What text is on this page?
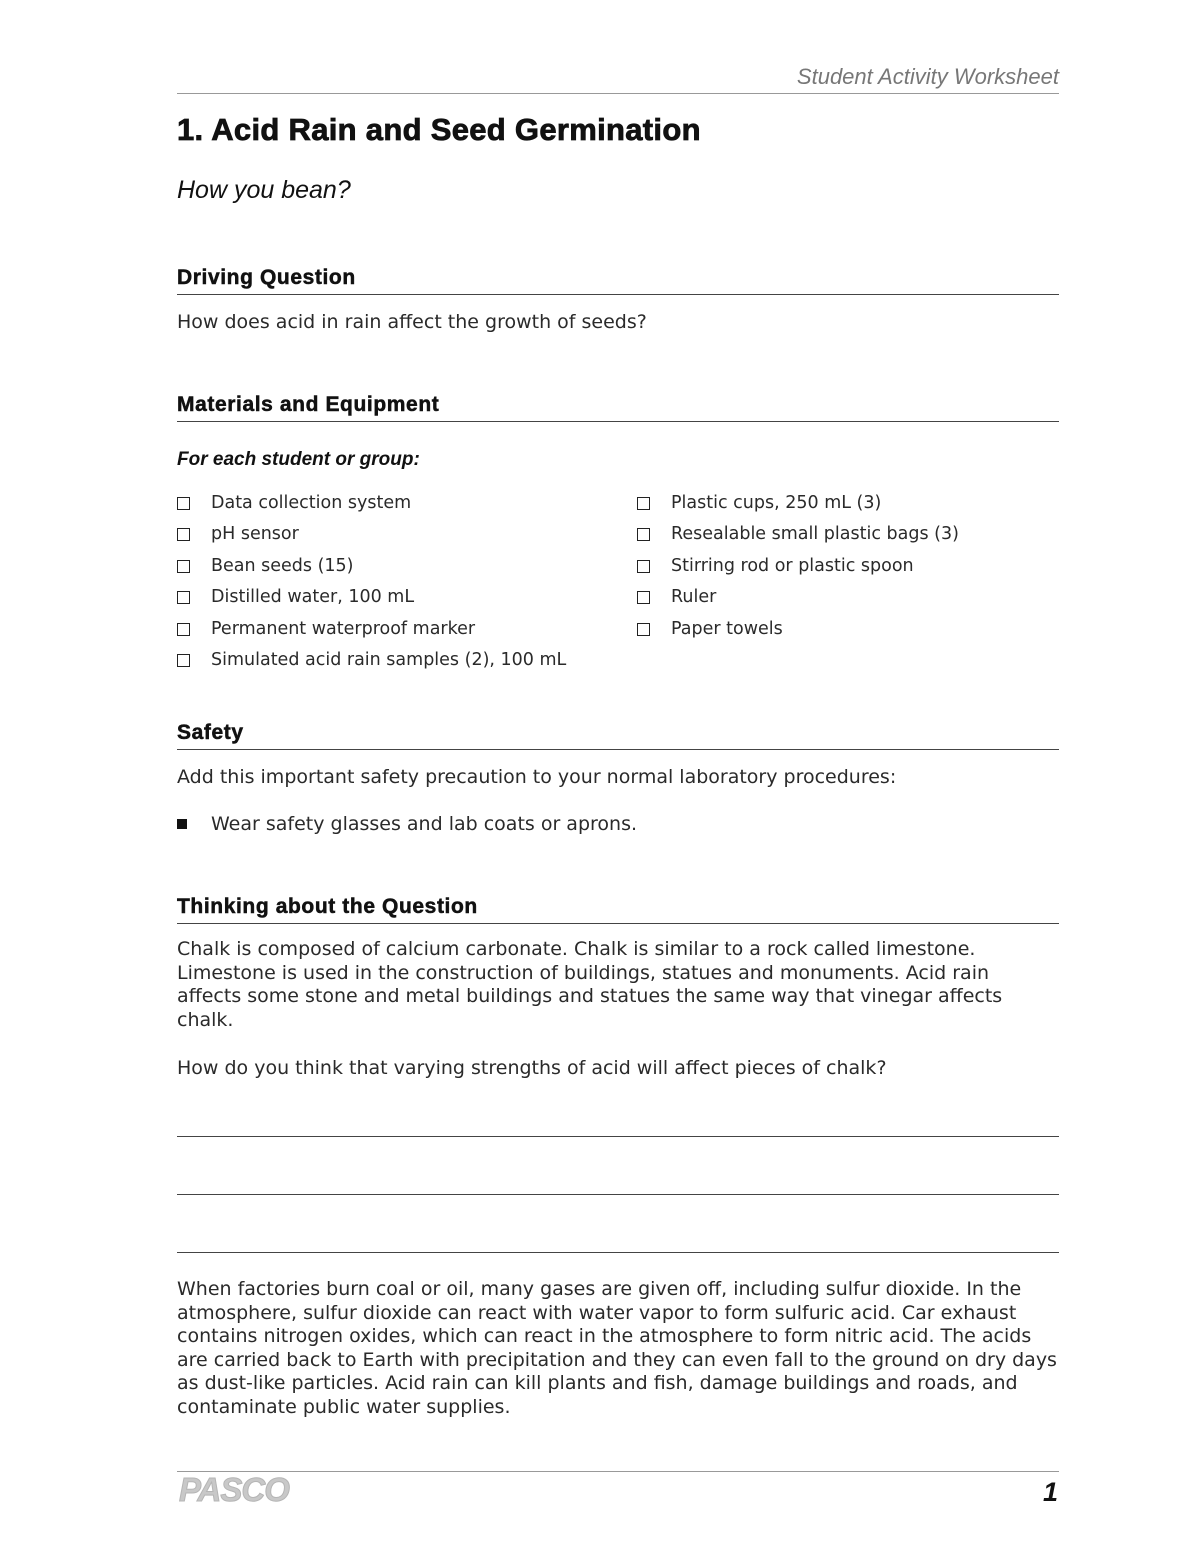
Student Activity Worksheet
1. Acid Rain and Seed Germination
How you bean?
Driving Question
How does acid in rain affect the growth of seeds?
Materials and Equipment
For each student or group:
Data collection system
pH sensor
Bean seeds (15)
Distilled water, 100 mL
Permanent waterproof marker
Simulated acid rain samples (2), 100 mL
Plastic cups, 250 mL (3)
Resealable small plastic bags (3)
Stirring rod or plastic spoon
Ruler
Paper towels
Safety
Add this important safety precaution to your normal laboratory procedures:
Wear safety glasses and lab coats or aprons.
Thinking about the Question
Chalk is composed of calcium carbonate. Chalk is similar to a rock called limestone. Limestone is used in the construction of buildings, statues and monuments. Acid rain affects some stone and metal buildings and statues the same way that vinegar affects chalk.
How do you think that varying strengths of acid will affect pieces of chalk?
When factories burn coal or oil, many gases are given off, including sulfur dioxide. In the atmosphere, sulfur dioxide can react with water vapor to form sulfuric acid. Car exhaust contains nitrogen oxides, which can react in the atmosphere to form nitric acid. The acids are carried back to Earth with precipitation and they can even fall to the ground on dry days as dust-like particles. Acid rain can kill plants and fish, damage buildings and roads, and contaminate public water supplies.
PASCO	1
